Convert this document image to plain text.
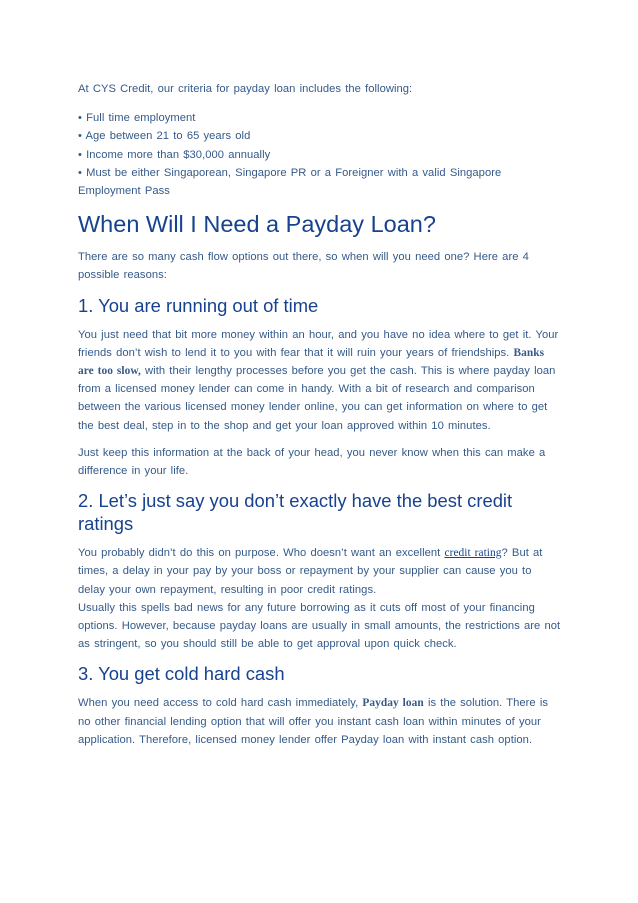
At CYS Credit, our criteria for payday loan includes the following:

• Full time employment

• Age between 21 to 65 years old

• Income more than $30,000 annually

• Must be either Singaporean, Singapore PR or a Foreigner with a valid Singapore Employment Pass

When Will I Need a Payday Loan?

There are so many cash flow options out there, so when will you need one? Here are 4 possible reasons:

1. You are running out of time

You just need that bit more money within an hour, and you have no idea where to get it. Your friends don’t wish to lend it to you with fear that it will ruin your years of friendships. Banks are too slow, with their lengthy processes before you get the cash. This is where payday loan from a licensed money lender can come in handy. With a bit of research and comparison between the various licensed money lender online, you can get information on where to get the best deal, step in to the shop and get your loan approved within 10 minutes.

Just keep this information at the back of your head, you never know when this can make a difference in your life.

2. Let’s just say you don’t exactly have the best credit ratings

You probably didn’t do this on purpose. Who doesn’t want an excellent credit rating? But at times, a delay in your pay by your boss or repayment by your supplier can cause you to delay your own repayment, resulting in poor credit ratings.

Usually this spells bad news for any future borrowing as it cuts off most of your financing options. However, because payday loans are usually in small amounts, the restrictions are not as stringent, so you should still be able to get approval upon quick check.

3. You get cold hard cash

When you need access to cold hard cash immediately, Payday loan is the solution. There is no other financial lending option that will offer you instant cash loan within minutes of your application. Therefore, licensed money lender offer Payday loan with instant cash option.
